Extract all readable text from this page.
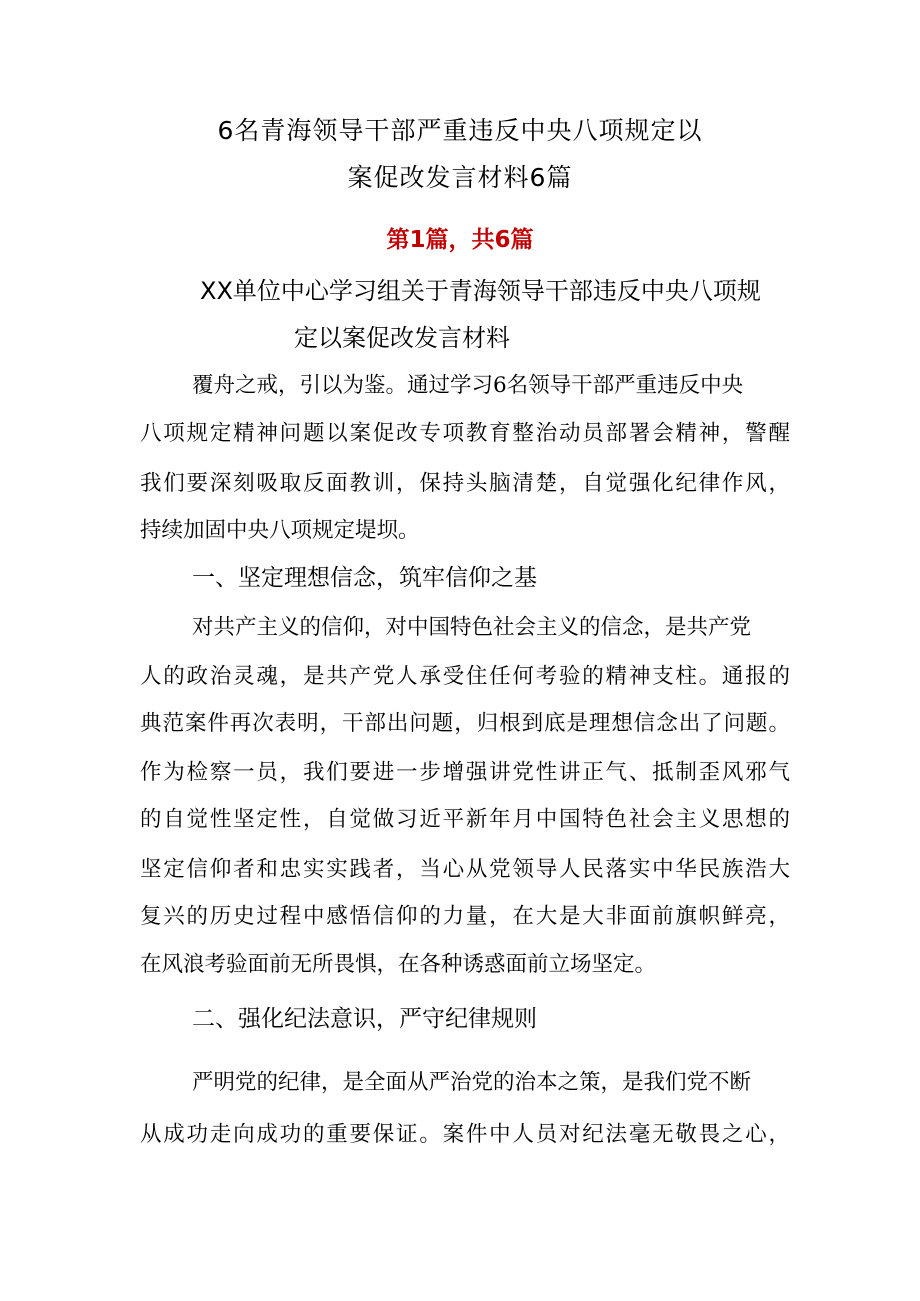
6名青海领导干部严重违反中央八项规定以
案促改发言材料6篇
第1篇，共6篇
XX单位中心学习组关于青海领导干部违反中央八项规
定以案促改发言材料
覆舟之戒，引以为鉴。通过学习6名领导干部严重违反中央
八项规定精神问题以案促改专项教育整治动员部署会精神，警醒
我们要深刻吸取反面教训，保持头脑清楚，自觉强化纪律作风，
持续加固中央八项规定堤坝。
一、坚定理想信念，筑牢信仰之基
对共产主义的信仰，对中国特色社会主义的信念，是共产党
人的政治灵魂，是共产党人承受住任何考验的精神支柱。通报的
典范案件再次表明，干部出问题，归根到底是理想信念出了问题。
作为检察一员，我们要进一步增强讲党性讲正气、抵制歪风邪气
的自觉性坚定性，自觉做习近平新年月中国特色社会主义思想的
坚定信仰者和忠实实践者，当心从党领导人民落实中华民族浩大
复兴的历史过程中感悟信仰的力量，在大是大非面前旗帜鲜亮，
在风浪考验面前无所畏惧，在各种诱惑面前立场坚定。
二、强化纪法意识，严守纪律规则
严明党的纪律，是全面从严治党的治本之策，是我们党不断
从成功走向成功的重要保证。案件中人员对纪法毫无敬畏之心，
